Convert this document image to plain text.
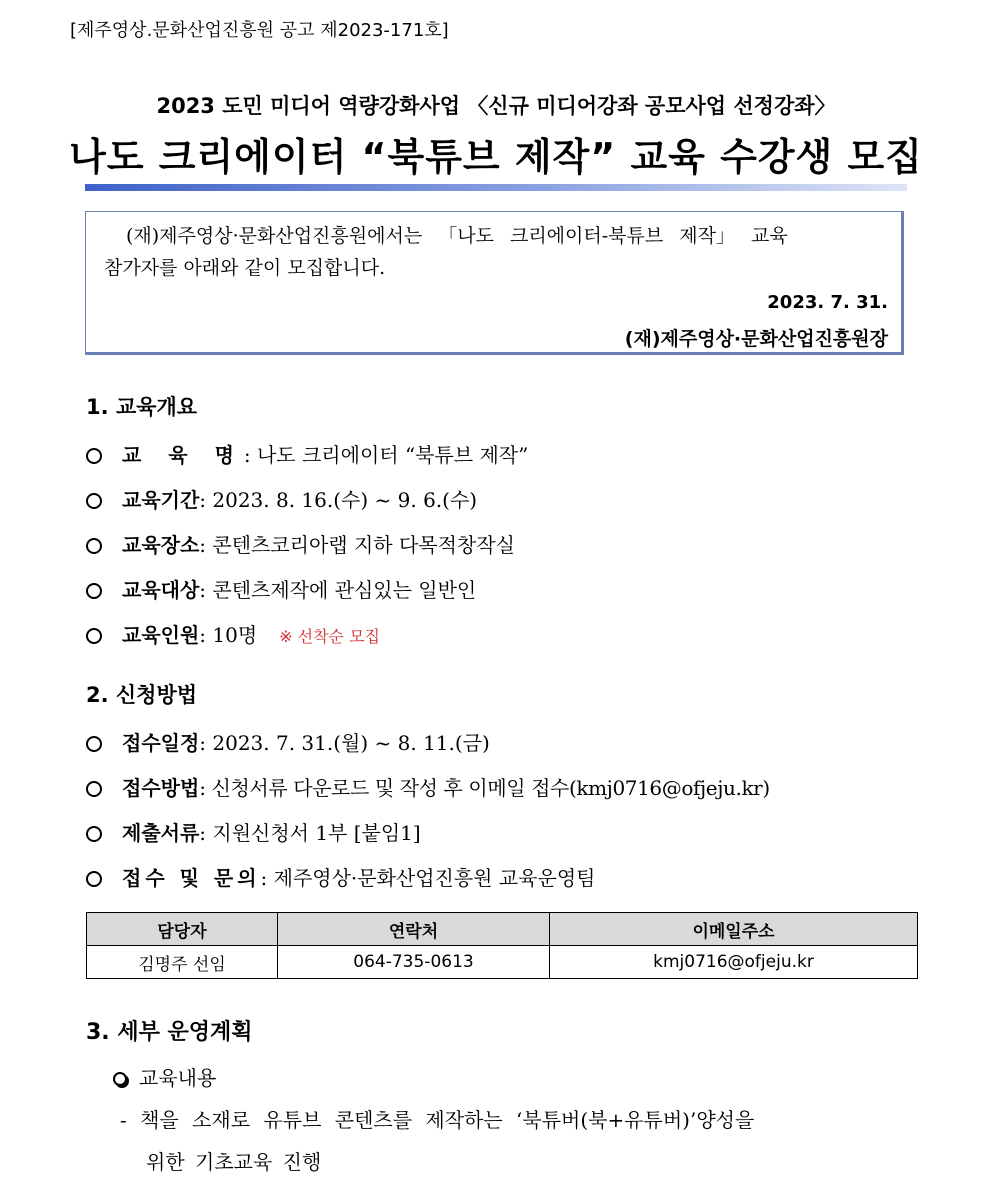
[제주영상.문화산업진흥원 공고 제2023-171호]
2023 도민 미디어 역량강화사업 〈신규 미디어강좌 공모사업 선정강좌〉
나도 크리에이터 “북튜브 제작” 교육 수강생 모집
(재)제주영상·문화산업진흥원에서는 「나도 크리에이터-북튜브 제작」 교육
참가자를 아래와 같이 모집합니다.
2023. 7. 31.
(재)제주영상·문화산업진흥원장
1. 교육개요
교 육 명: 나도 크리에이터 “북튜브 제작”
교육기간: 2023. 8. 16.(수) ~ 9. 6.(수)
교육장소: 콘텐츠코리아랩 지하 다목적창작실
교육대상: 콘텐츠제작에 관심있는 일반인
교육인원: 10명 ※ 선착순 모집
2. 신청방법
접수일정: 2023. 7. 31.(월) ~ 8. 11.(금)
접수방법: 신청서류 다운로드 및 작성 후 이메일 접수(kmj0716@ofjeju.kr)
제출서류: 지원신청서 1부 [붙임1]
접수 및 문의: 제주영상·문화산업진흥원 교육운영팀
담당자	연락처	이메일주소
김명주 선임	064-735-0613	kmj0716@ofjeju.kr
3. 세부 운영계획
교육내용
- 책을 소재로 유튜브 콘텐츠를 제작하는 ‘북튜버(북+유튜버)’양성을
위한 기초교육 진행
